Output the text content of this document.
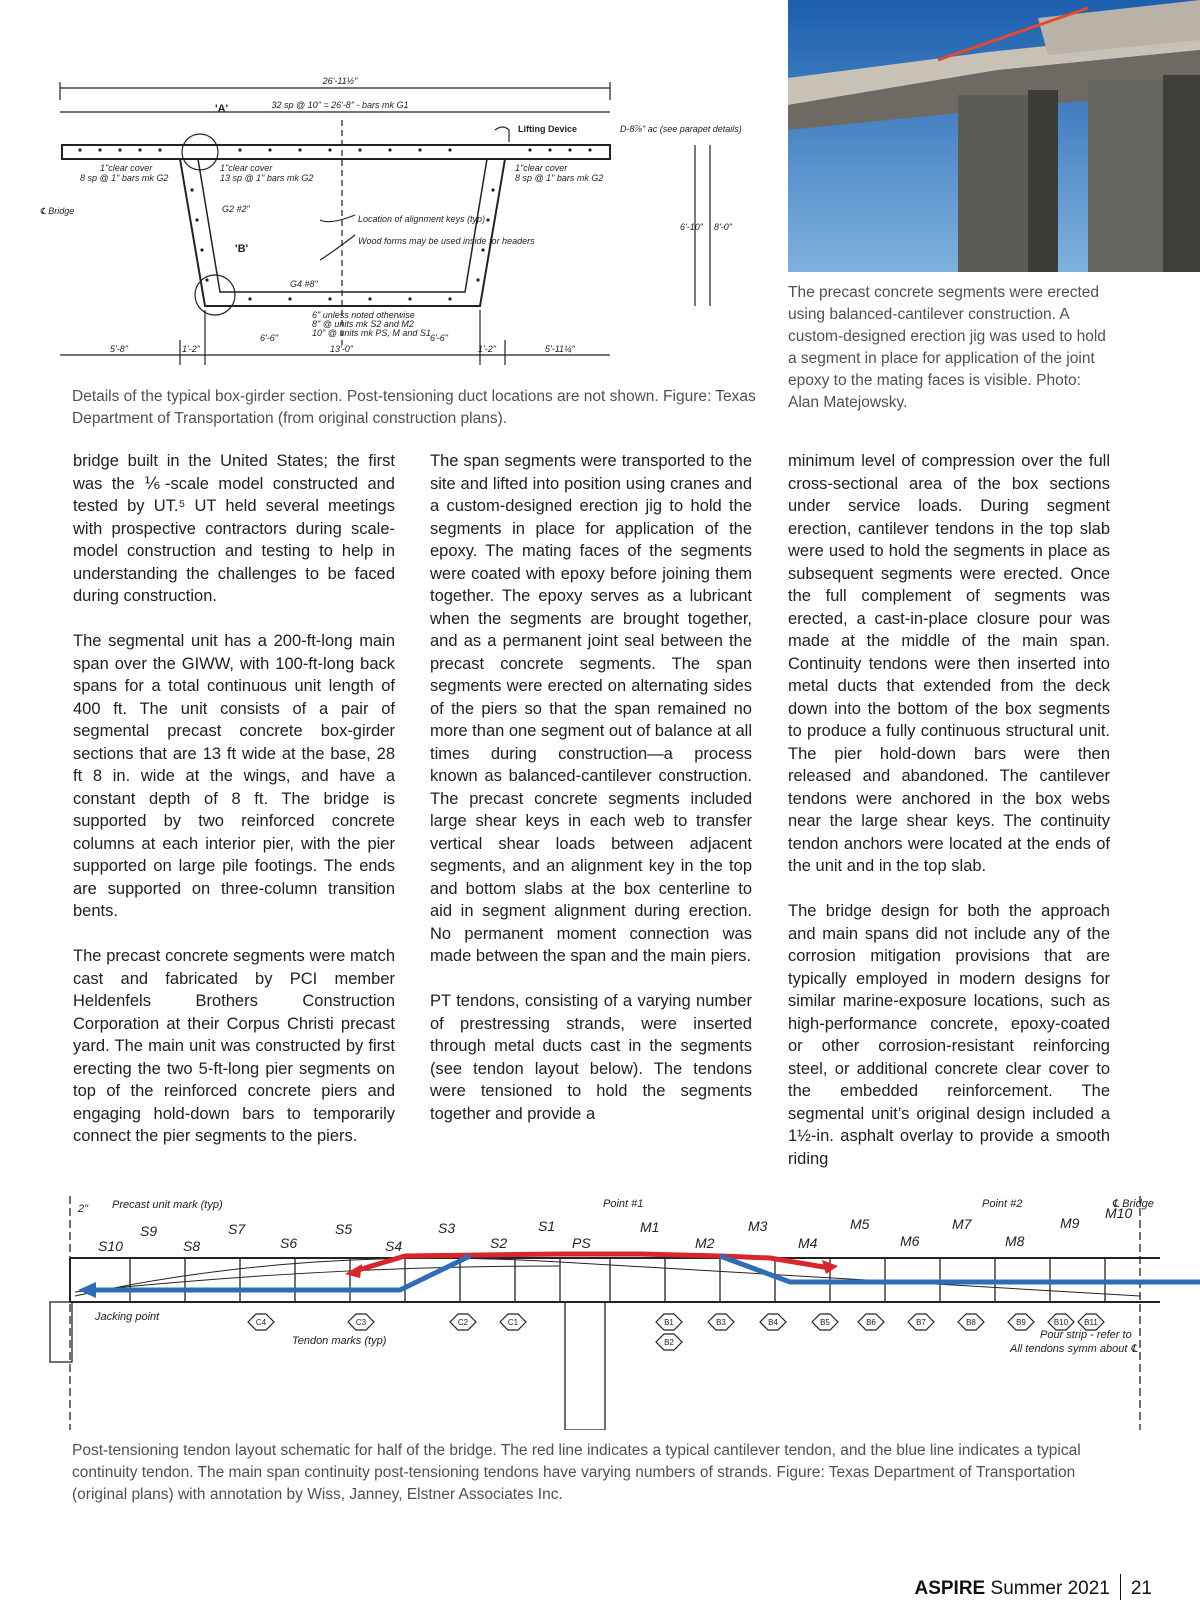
26'-11½"
32 sp @ 10" = 26'-8" - bars mk G1
'A'
'B'
Lifting Device	D-8⅞" ac (see parapet details)
1"clear cover
8 sp @ 1" bars mk G2
1"clear cover
13 sp @ 1" bars mk G2
1"clear cover
8 sp @ 1" bars mk G2
℄ Bridge	G2 #2"
Location of alignment keys (typ)
Wood forms may be used inside for headers
G4 #8"
6" unless noted otherwise
8" @ units mk S2 and M2
10" @ units mk PS, M and S1
6'-6"	6'-6"
5'-8"	1'-2"	13'-0"	1'-2"	5'-11¼"
6'-10" 8'-0"
Details of the typical box-girder section. Post-tensioning duct locations are not shown. Figure: Texas Department of Transportation (from original construction plans).
The precast concrete segments were erected using balanced-cantilever construction. A custom-designed erection jig was used to hold a segment in place for application of the joint epoxy to the mating faces is visible. Photo: Alan Matejowsky.

bridge built in the United States; the first was the ⅙-scale model constructed and tested by UT.⁵ UT held several meetings with prospective contractors during scale-model construction and testing to help in understanding the challenges to be faced during construction.

The segmental unit has a 200-ft-long main span over the GIWW, with 100-ft-long back spans for a total continuous unit length of 400 ft. The unit consists of a pair of segmental precast concrete box-girder sections that are 13 ft wide at the base, 28 ft 8 in. wide at the wings, and have a constant depth of 8 ft. The bridge is supported by two reinforced concrete columns at each interior pier, with the pier supported on large pile footings. The ends are supported on three-column transition bents.

The precast concrete segments were match cast and fabricated by PCI member Heldenfels Brothers Construction Corporation at their Corpus Christi precast yard. The main unit was constructed by first erecting the two 5-ft-long pier segments on top of the reinforced concrete piers and engaging hold-down bars to temporarily connect the pier segments to the piers.

The span segments were transported to the site and lifted into position using cranes and a custom-designed erection jig to hold the segments in place for application of the epoxy. The mating faces of the segments were coated with epoxy before joining them together. The epoxy serves as a lubricant when the segments are brought together, and as a permanent joint seal between the precast concrete segments. The span segments were erected on alternating sides of the piers so that the span remained no more than one segment out of balance at all times during construction—a process known as balanced-cantilever construction. The precast concrete segments included large shear keys in each web to transfer vertical shear loads between adjacent segments, and an alignment key in the top and bottom slabs at the box centerline to aid in segment alignment during erection. No permanent moment connection was made between the span and the main piers.

PT tendons, consisting of a varying number of prestressing strands, were inserted through metal ducts cast in the segments (see tendon layout below). The tendons were tensioned to hold the segments together and provide a

minimum level of compression over the full cross-sectional area of the box sections under service loads. During segment erection, cantilever tendons in the top slab were used to hold the segments in place as subsequent segments were erected. Once the full complement of segments was erected, a cast-in-place closure pour was made at the middle of the main span. Continuity tendons were then inserted into metal ducts that extended from the deck down into the bottom of the box segments to produce a fully continuous structural unit. The pier hold-down bars were then released and abandoned. The cantilever tendons were anchored in the box webs near the large shear keys. The continuity tendon anchors were located at the ends of the unit and in the top slab.

The bridge design for both the approach and main spans did not include any of the corrosion mitigation provisions that are typically employed in modern designs for similar marine-exposure locations, such as high-performance concrete, epoxy-coated or other corrosion-resistant reinforcing steel, or additional concrete clear cover to the embedded reinforcement. The segmental unit’s original design included a 1½-in. asphalt overlay to provide a smooth riding

C4	C3	C2	C1	B1
B2
B3	B4	B5	B6	B7	B8	B9	B10 B11
S10
S9
S8
S7
S6
S5
S4
S3
S2
S1
PS
M1
M2
M3
M4
M5
M6
M7
M8
M9
M10
2" Precast unit mark (typ)	Point #1	Point #2	℄ Bridge
Jacking point
Tendon marks (typ)	Pour strip - refer to
All tendons symm about ℄
Post-tensioning tendon layout schematic for half of the bridge. The red line indicates a typical cantilever tendon, and the blue line indicates a typical continuity tendon. The main span continuity post-tensioning tendons have varying numbers of strands. Figure: Texas Department of Transportation (original plans) with annotation by Wiss, Janney, Elstner Associates Inc.
ASPIRE Summer 2021 21
